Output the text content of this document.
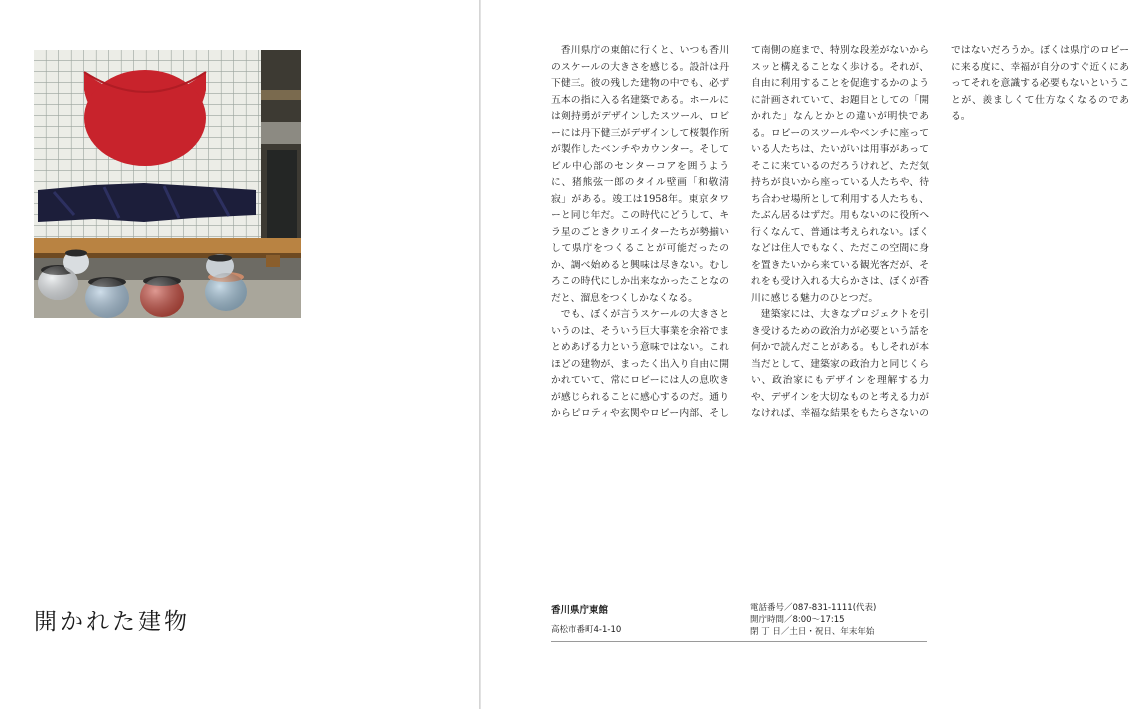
開かれた建物

香川県庁の東館に行くと、いつも香川のスケールの大きさを感じる。設計は丹下健三。彼の残した建物の中でも、必ず五本の指に入る名建築である。ホールには剣持勇がデザインしたスツール、ロビーには丹下健三がデザインして桜製作所が製作したベンチやカウンター。そしてビル中心部のセンターコアを囲うように、猪熊弦一郎のタイル壁画「和敬清寂」がある。竣工は1958年。東京タワーと同じ年だ。この時代にどうして、キラ星のごときクリエイターたちが勢揃いして県庁をつくることが可能だったのか、調べ始めると興味は尽きない。むしろこの時代にしか出来なかったことなのだと、溜息をつくしかなくなる。

でも、ぼくが言うスケールの大きさというのは、そういう巨大事業を余裕でまとめあげる力という意味ではない。これほどの建物が、まったく出入り自由に開かれていて、常にロビーには人の息吹きが感じられることに感心するのだ。通りからピロティや玄関やロビー内部、そして南側の庭まで、特別な段差がないからスッと構えることなく歩ける。それが、自由に利用することを促進するかのように計画されていて、お題目としての「開かれた」なんとかとの違いが明快である。ロビーのスツールやベンチに座っている人たちは、たいがいは用事があってそこに来ているのだろうけれど、ただ気持ちが良いから座っている人たちや、待ち合わせ場所として利用する人たちも、たぶん居るはずだ。用もないのに役所へ行くなんて、普通は考えられない。ぼくなどは住人でもなく、ただこの空間に身を置きたいから来ている観光客だが、それをも受け入れる大らかさは、ぼくが香川に感じる魅力のひとつだ。

建築家には、大きなプロジェクトを引き受けるための政治力が必要という話を何かで読んだことがある。もしそれが本当だとして、建築家の政治力と同じくらい、政治家にもデザインを理解する力や、デザインを大切なものと考える力がなければ、幸福な結果をもたらさないのではないだろうか。ぼくは県庁のロビーに来る度に、幸福が自分のすぐ近くにあってそれを意識する必要もないということが、羨ましくて仕方なくなるのである。

香川県庁東館
高松市番町4-1-10
電話番号／087-831-1111(代表)
開庁時間／8:00〜17:15
閉 丁 日／土日・祝日、年末年始
